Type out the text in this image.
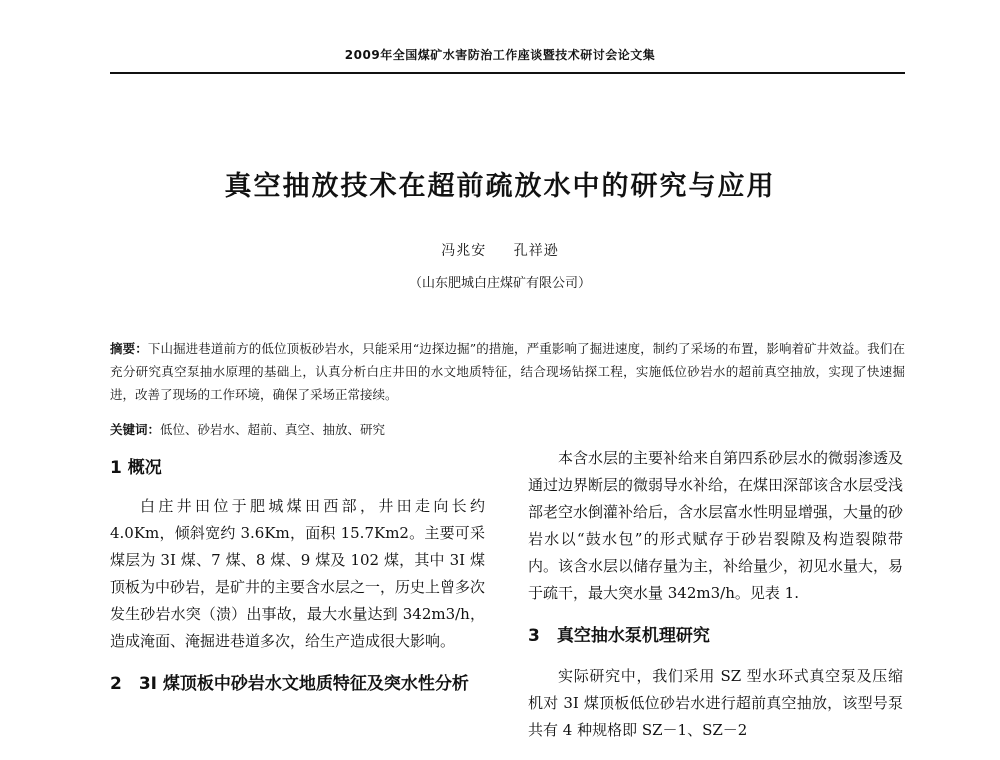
2009年全国煤矿水害防治工作座谈暨技术研讨会论文集
真空抽放技术在超前疏放水中的研究与应用
冯兆安 孔祥逊
（山东肥城白庄煤矿有限公司）
摘要：下山掘进巷道前方的低位顶板砂岩水，只能采用“边探边掘”的措施，严重影响了掘进速度，制约了采场的布置，影响着矿井效益。我们在充分研究真空泵抽水原理的基础上，认真分析白庄井田的水文地质特征，结合现场钻探工程，实施低位砂岩水的超前真空抽放，实现了快速掘进，改善了现场的工作环境，确保了采场正常接续。
关键词：低位、砂岩水、超前、真空、抽放、研究

1 概况

白庄井田位于肥城煤田西部，井田走向长约4.0Km，倾斜宽约 3.6Km，面积 15.7Km2。主要可采煤层为 3I 煤、7 煤、8 煤、9 煤及 102 煤，其中 3I 煤顶板为中砂岩，是矿井的主要含水层之一，历史上曾多次发生砂岩水突（溃）出事故，最大水量达到 342m3/h，造成淹面、淹掘进巷道多次，给生产造成很大影响。

2　3I 煤顶板中砂岩水文地质特征及突水性分析

本含水层的主要补给来自第四系砂层水的微弱渗透及通过边界断层的微弱导水补给，在煤田深部该含水层受浅部老空水倒灌补给后，含水层富水性明显增强，大量的砂岩水以“鼓水包”的形式赋存于砂岩裂隙及构造裂隙带内。该含水层以储存量为主，补给量少，初见水量大，易于疏干，最大突水量 342m3/h。见表 1.

3　真空抽水泵机理研究

实际研究中，我们采用 SZ 型水环式真空泵及压缩机对 3I 煤顶板低位砂岩水进行超前真空抽放，该型号泵共有 4 种规格即 SZ－1、SZ－2
